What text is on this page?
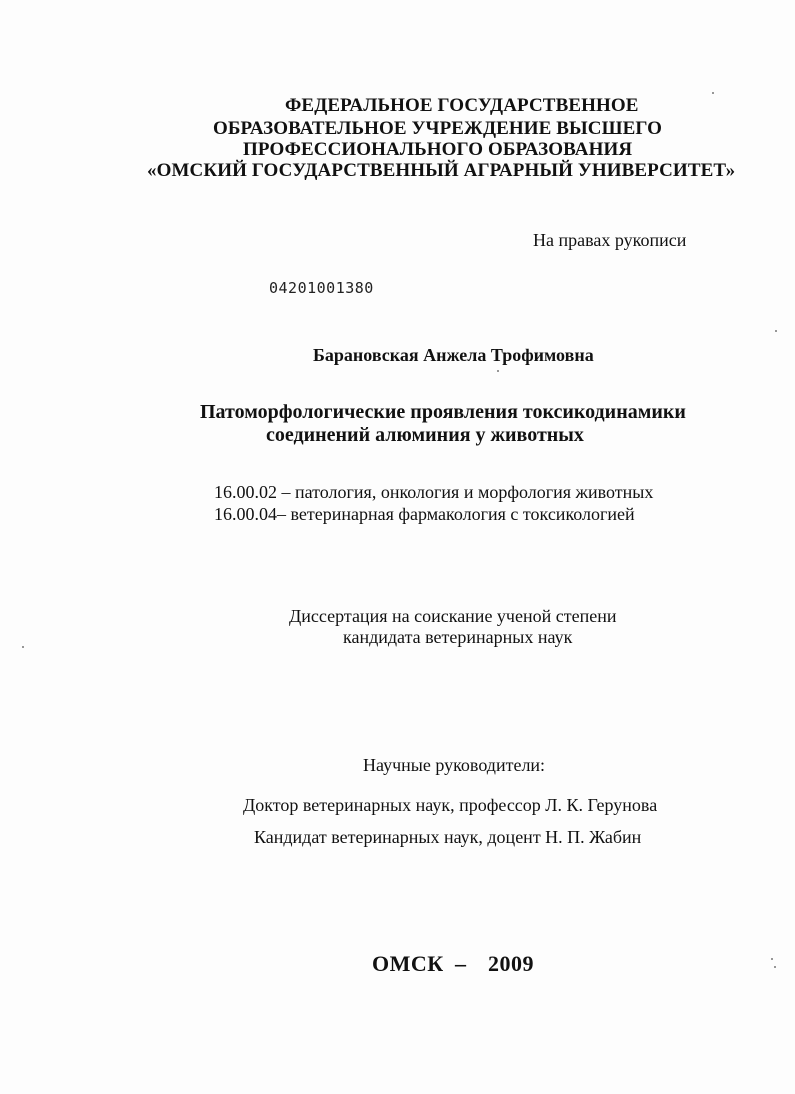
ФЕДЕРАЛЬНОЕ ГОСУДАРСТВЕННОЕ
ОБРАЗОВАТЕЛЬНОЕ УЧРЕЖДЕНИЕ ВЫСШЕГО
ПРОФЕССИОНАЛЬНОГО ОБРАЗОВАНИЯ
«ОМСКИЙ ГОСУДАРСТВЕННЫЙ АГРАРНЫЙ УНИВЕРСИТЕТ»
На правах рукописи
04201001380
Барановская Анжела Трофимовна
Патоморфологические проявления токсикодинамики
соединений алюминия у животных
16.00.02 – патология, онкология и морфология животных
16.00.04– ветеринарная фармакология с токсикологией
Диссертация на соискание ученой степени
кандидата ветеринарных наук
Научные руководители:
Доктор ветеринарных наук, профессор Л. К. Герунова
Кандидат ветеринарных наук, доцент Н. П. Жабин
ОМСК – 2009
